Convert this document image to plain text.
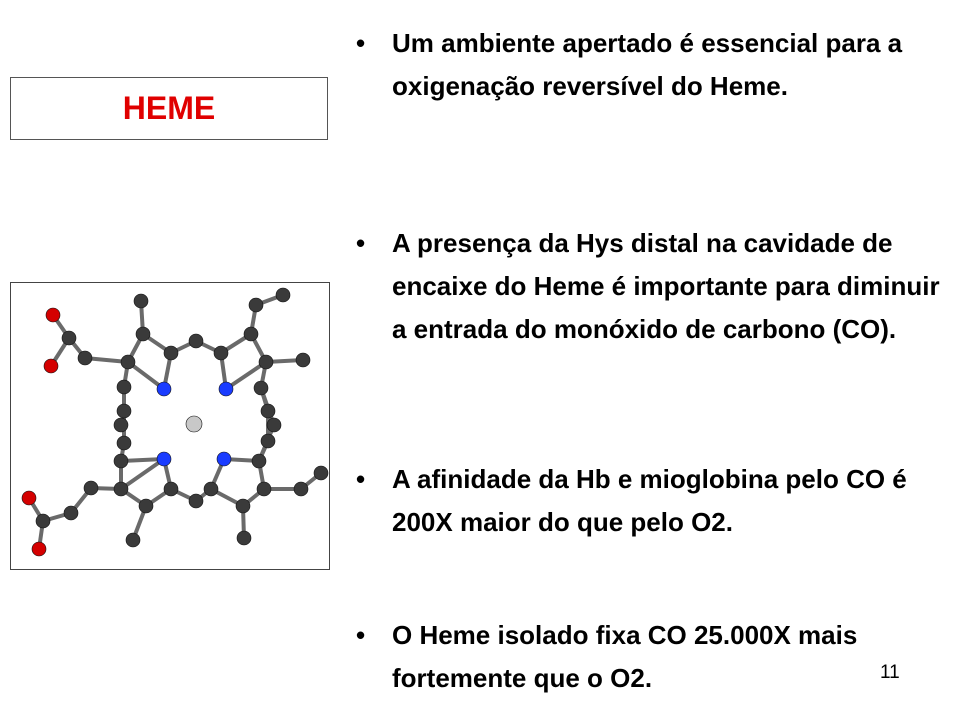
HEME
• Um ambiente apertado é essencial para a oxigenação reversível do Heme.
• A presença da Hys distal na cavidade de encaixe do Heme é importante para diminuir a entrada do monóxido de carbono (CO).
• A afinidade da Hb e mioglobina pelo CO é 200X maior do que pelo O2.
• O Heme isolado fixa CO 25.000X mais fortemente que o O2.	11
